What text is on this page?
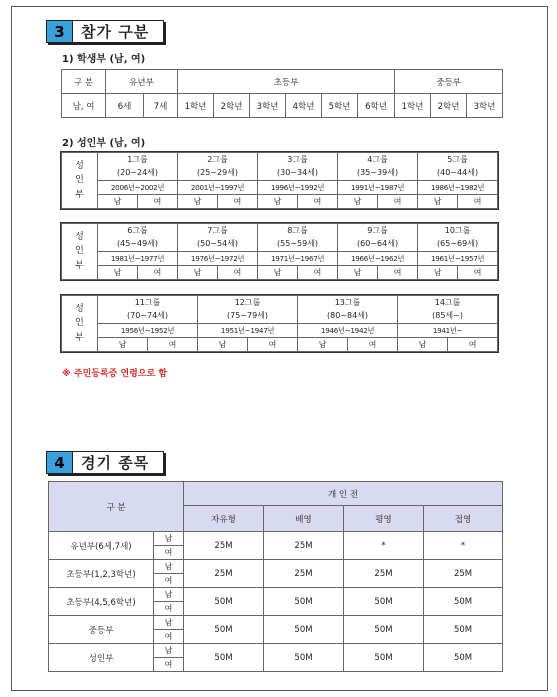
3	참가 구분
1) 학생부 (남, 여)
구 분	유년부		초등부						중등부		
남, 여	6세	7세	1학년	2학년	3학년	4학년	5학년	6학년	1학년	2학년	3학년
2) 성인부 (남, 여)
성
인
부	1그룹		2그룹		3그룹		4그룹		5그룹	
	(20~24세)		(25~29세)		(30~34세)		(35~39세)		(40~44세)	
	2006년~2002년		2001년~1997년		1996년~1992년		1991년~1987년		1986년~1982년	
	남	여	남	여	남	여	남	여	남	여
성
인
부	6그룹		7그룹		8그룹		9그룹		10그룹	
	(45~49세)		(50~54세)		(55~59세)		(60~64세)		(65~69세)	
	1981년~1977년		1976년~1972년		1971년~1967년		1966년~1962년		1961년~1957년	
	남	여	남	여	남	여	남	여	남	여
성
인
부	11그룹		12그룹		13그룹		14그룹	
	(70~74세)		(75~79세)		(80~84세)		(85세~)	
	1956년~1952년		1951년~1947년		1946년~1942년		1941년~	
	남	여	남	여	남	여	남	여
※ 주민등록증 연령으로 함
4	경기 종목
구 분		개 인 전			
		자유형	배영	평영	접영
유년부(6세,7세)	남	25M	25M	*	*
	여				
초등부(1,2,3학년)	남	25M	25M	25M	25M
	여				
초등부(4,5,6학년)	남	50M	50M	50M	50M
	여				
중등부	남	50M	50M	50M	50M
	여				
성인부	남	50M	50M	50M	50M
	여				
